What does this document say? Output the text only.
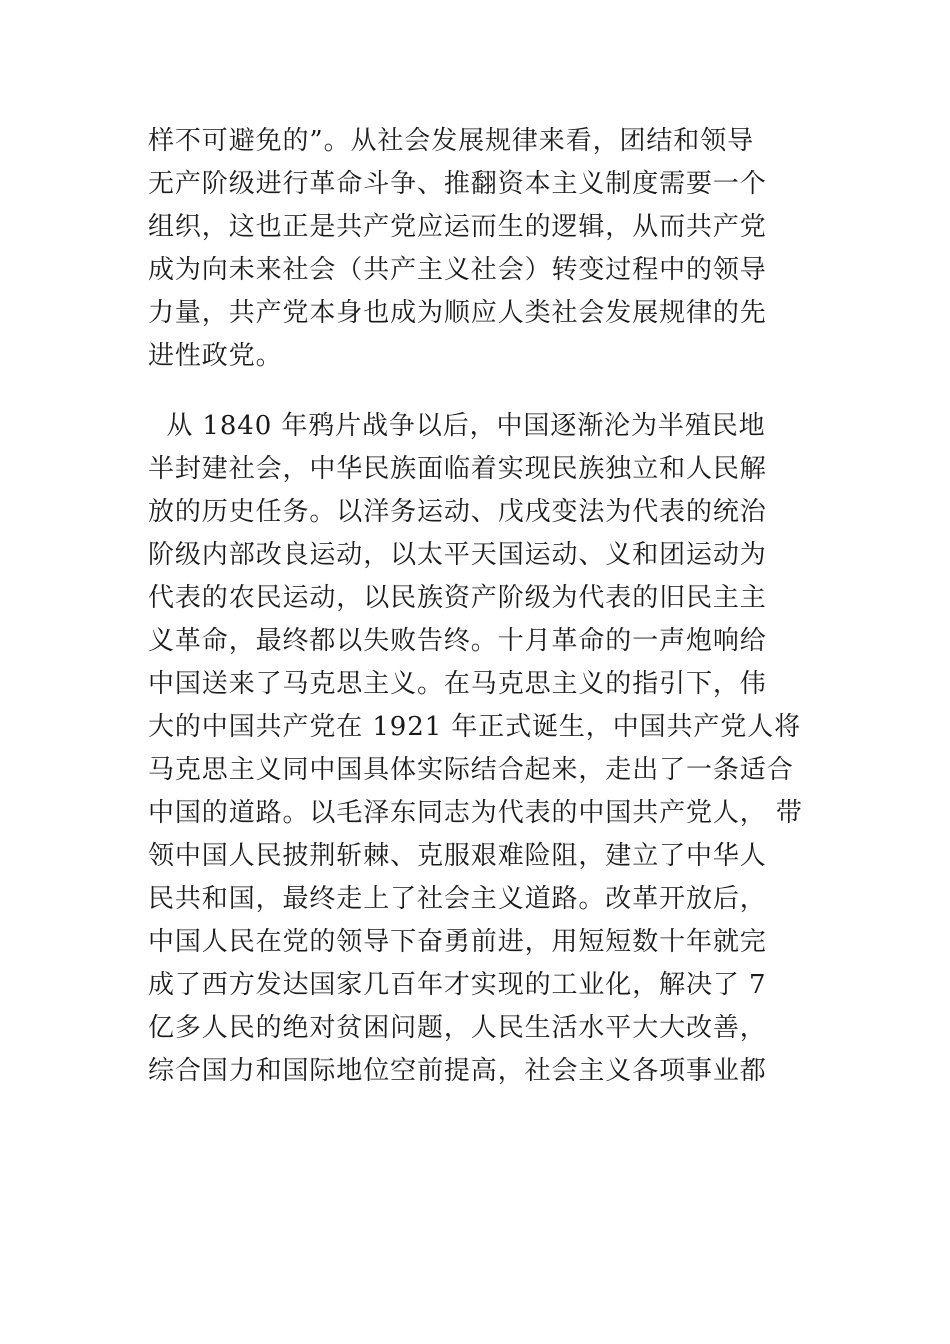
样不可避免的”。从社会发展规律来看，团结和领导
无产阶级进行革命斗争、推翻资本主义制度需要一个
组织，这也正是共产党应运而生的逻辑，从而共产党
成为向未来社会（共产主义社会）转变过程中的领导
力量，共产党本身也成为顺应人类社会发展规律的先
进性政党。
从 1840 年鸦片战争以后，中国逐渐沦为半殖民地
半封建社会，中华民族面临着实现民族独立和人民解
放的历史任务。以洋务运动、戊戌变法为代表的统治
阶级内部改良运动，以太平天国运动、义和团运动为
代表的农民运动，以民族资产阶级为代表的旧民主主
义革命，最终都以失败告终。十月革命的一声炮响给
中国送来了马克思主义。在马克思主义的指引下，伟
大的中国共产党在 1921 年正式诞生，中国共产党人将
马克思主义同中国具体实际结合起来，走出了一条适合
中国的道路。以毛泽东同志为代表的中国共产党人， 带
领中国人民披荆斩棘、克服艰难险阻，建立了中华人
民共和国，最终走上了社会主义道路。改革开放后，
中国人民在党的领导下奋勇前进，用短短数十年就完
成了西方发达国家几百年才实现的工业化，解决了 7
亿多人民的绝对贫困问题，人民生活水平大大改善，
综合国力和国际地位空前提高，社会主义各项事业都
